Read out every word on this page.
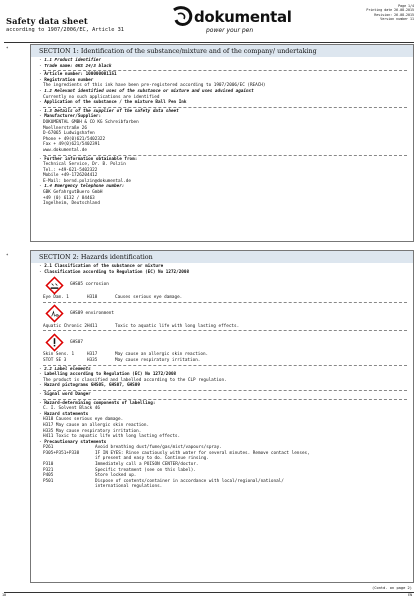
Safety data sheet
according to 1907/2006/EC, Article 31
dokumental
power your pen
Page 1/4
Printing date 26.08.2015
Revision: 26.08.2015
Version number 11
*	SECTION 1: Identification of the substance/mixture and of the company/ undertaking
· 1.1 Product identifier
· Trade name: GKS 24/3 black
· Article number: 100000001151
· Registration number
The ingredients of this ink have been pre-registered according to 1907/2006/EC (REACH)
· 1.2 Relevant identified uses of the substance or mixture and uses advised against
Currently no such applications are identified
· Application of the substance / the mixture Ball Pen Ink
· 1.3 Details of the supplier of the safety data sheet
· Manufacturer/Supplier:
DOKUMENTAL GMBH & CO KG Schreibfarben
Moellnerstraße 26
D-67065 Ludwigshafen
Phone + 49(0)621/5402322
Fax + 49(0)621/5402391
www.dokumental.de
· Further information obtainable from:
Technical Service, Dr. B. Polzin
Tel.: +49-621-5402322
Mobile +49-1726204412
E-Mail: bernd.polzin@dokumental.de
· 1.4 Emergency telephone number:
GBK GefahrgutBuero GmbH
+49 (0) 6132 / 84463
Ingelheim, Deutschland
*	SECTION 2: Hazards identification
· 2.1 Classification of the substance or mixture
· Classification according to Regulation (EC) No 1272/2008
GHS05 corrosion
Eye Dam. 1	H318	Causes serious eye damage.
GHS09 environment
Aquatic Chronic 2 H411	Toxic to aquatic life with long lasting effects.
GHS07
Skin Sens. 1	H317	May cause an allergic skin reaction.
STOT SE 3	H335	May cause respiratory irritation.
· 2.2 Label elements
· Labelling according to Regulation (EC) No 1272/2008
The product is classified and labelled according to the CLP regulation.
· Hazard pictograms GHS05, GHS07, GHS09
· Signal word Danger
· Hazard-determining components of labelling:
C. I. Solvent Black 46
· Hazard statements
H318 Causes serious eye damage.
H317 May cause an allergic skin reaction.
H335 May cause respiratory irritation.
H411 Toxic to aquatic life with long lasting effects.
· Precautionary statements
P261	Avoid breathing dust/fume/gas/mist/vapours/spray.
P305+P351+P338	IF IN EYES: Rinse cautiously with water for several minutes. Remove contact lenses,
if present and easy to do. Continue rinsing.
P310	Immediately call a POISON CENTER/doctor.
P321	Specific treatment (see on this label).
P405	Store locked up.
P501	Dispose of contents/container in accordance with local/regional/national/
international regulations.
(Contd. on page 2)
EN
10
